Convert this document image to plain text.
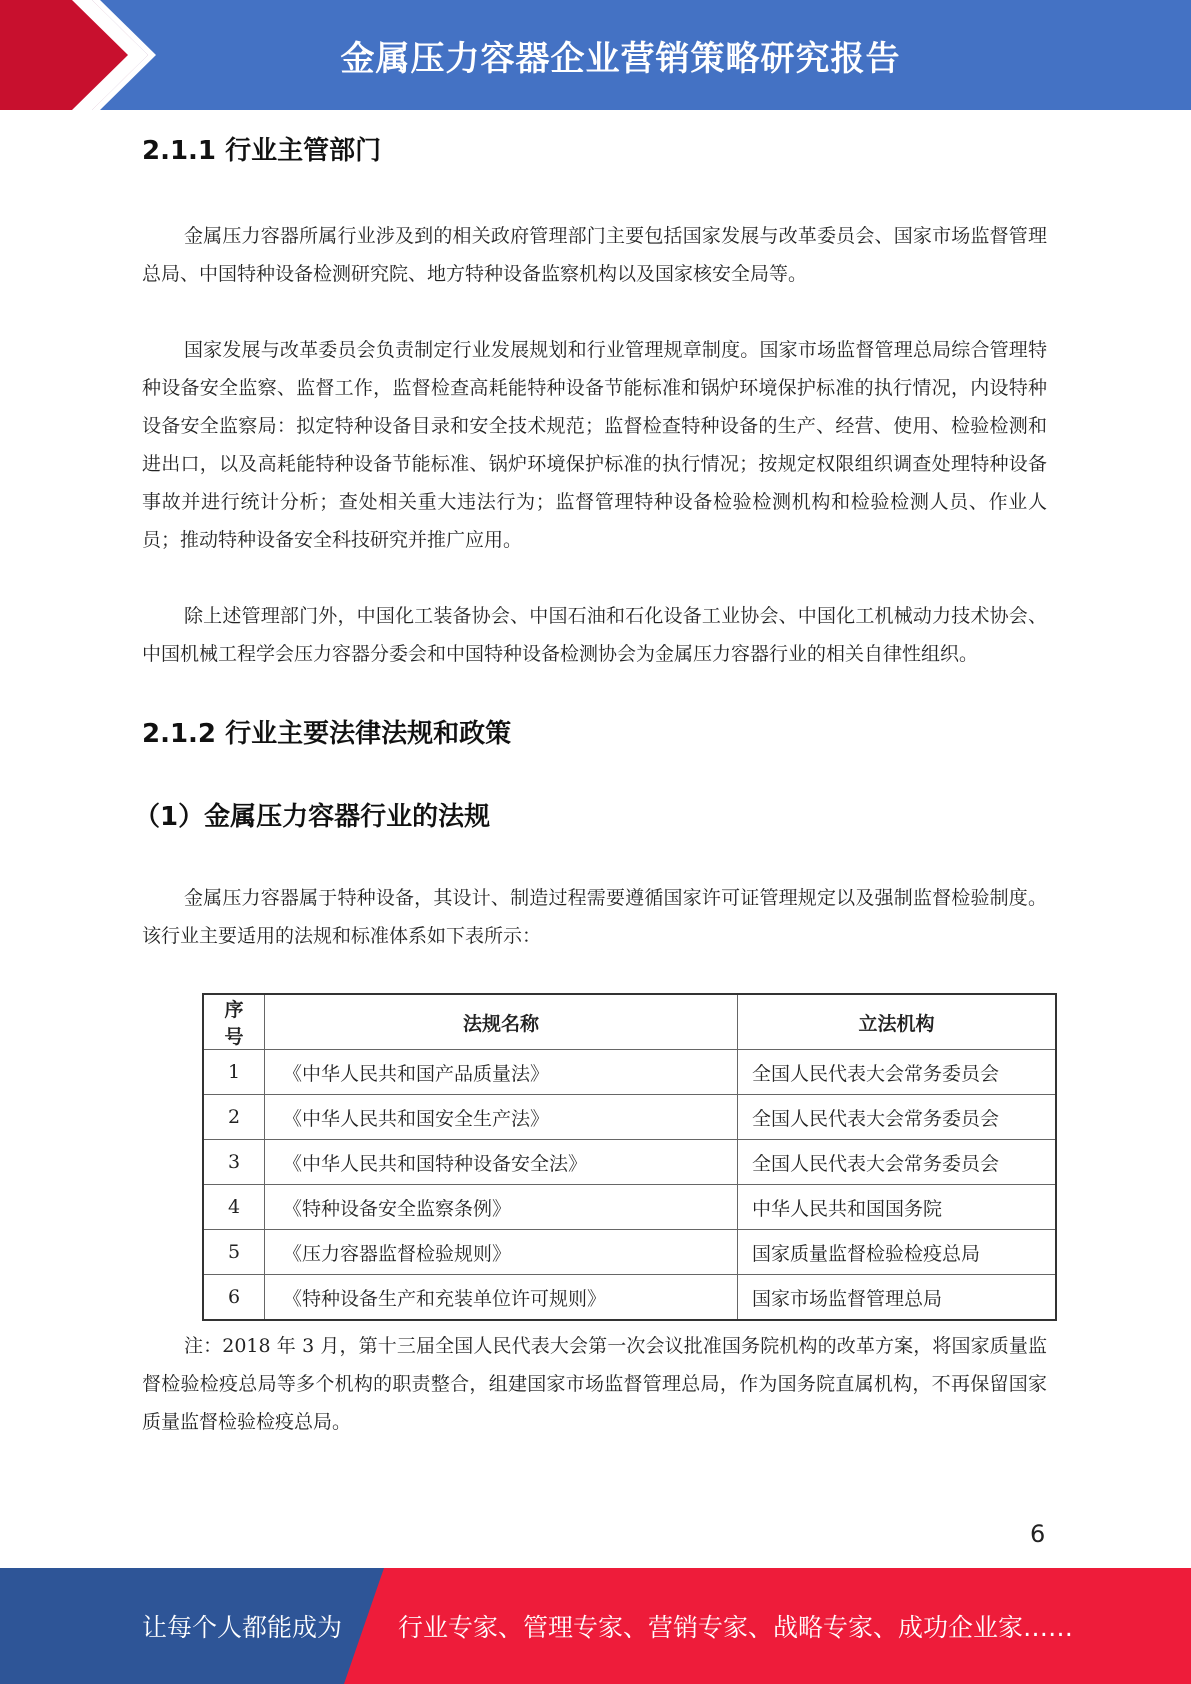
金属压力容器企业营销策略研究报告
2.1.1 行业主管部门

金属压力容器所属行业涉及到的相关政府管理部门主要包括国家发展与改革委员会、国家市场监督管理总局、中国特种设备检测研究院、地方特种设备监察机构以及国家核安全局等。

国家发展与改革委员会负责制定行业发展规划和行业管理规章制度。国家市场监督管理总局综合管理特种设备安全监察、监督工作，监督检查高耗能特种设备节能标准和锅炉环境保护标准的执行情况，内设特种设备安全监察局：拟定特种设备目录和安全技术规范；监督检查特种设备的生产、经营、使用、检验检测和进出口，以及高耗能特种设备节能标准、锅炉环境保护标准的执行情况；按规定权限组织调查处理特种设备事故并进行统计分析；查处相关重大违法行为；监督管理特种设备检验检测机构和检验检测人员、作业人员；推动特种设备安全科技研究并推广应用。

除上述管理部门外，中国化工装备协会、中国石油和石化设备工业协会、中国化工机械动力技术协会、中国机械工程学会压力容器分委会和中国特种设备检测协会为金属压力容器行业的相关自律性组织。

2.1.2 行业主要法律法规和政策
（1）金属压力容器行业的法规

金属压力容器属于特种设备，其设计、制造过程需要遵循国家许可证管理规定以及强制监督检验制度。该行业主要适用的法规和标准体系如下表所示：

序号	法规名称	立法机构
1	《中华人民共和国产品质量法》	全国人民代表大会常务委员会
2	《中华人民共和国安全生产法》	全国人民代表大会常务委员会
3	《中华人民共和国特种设备安全法》	全国人民代表大会常务委员会
4	《特种设备安全监察条例》	中华人民共和国国务院
5	《压力容器监督检验规则》	国家质量监督检验检疫总局
6	《特种设备生产和充装单位许可规则》	国家市场监督管理总局

注：2018 年 3 月，第十三届全国人民代表大会第一次会议批准国务院机构的改革方案，将国家质量监督检验检疫总局等多个机构的职责整合，组建国家市场监督管理总局，作为国务院直属机构，不再保留国家质量监督检验检疫总局。

6
让每个人都能成为 行业专家、管理专家、营销专家、战略专家、成功企业家……
